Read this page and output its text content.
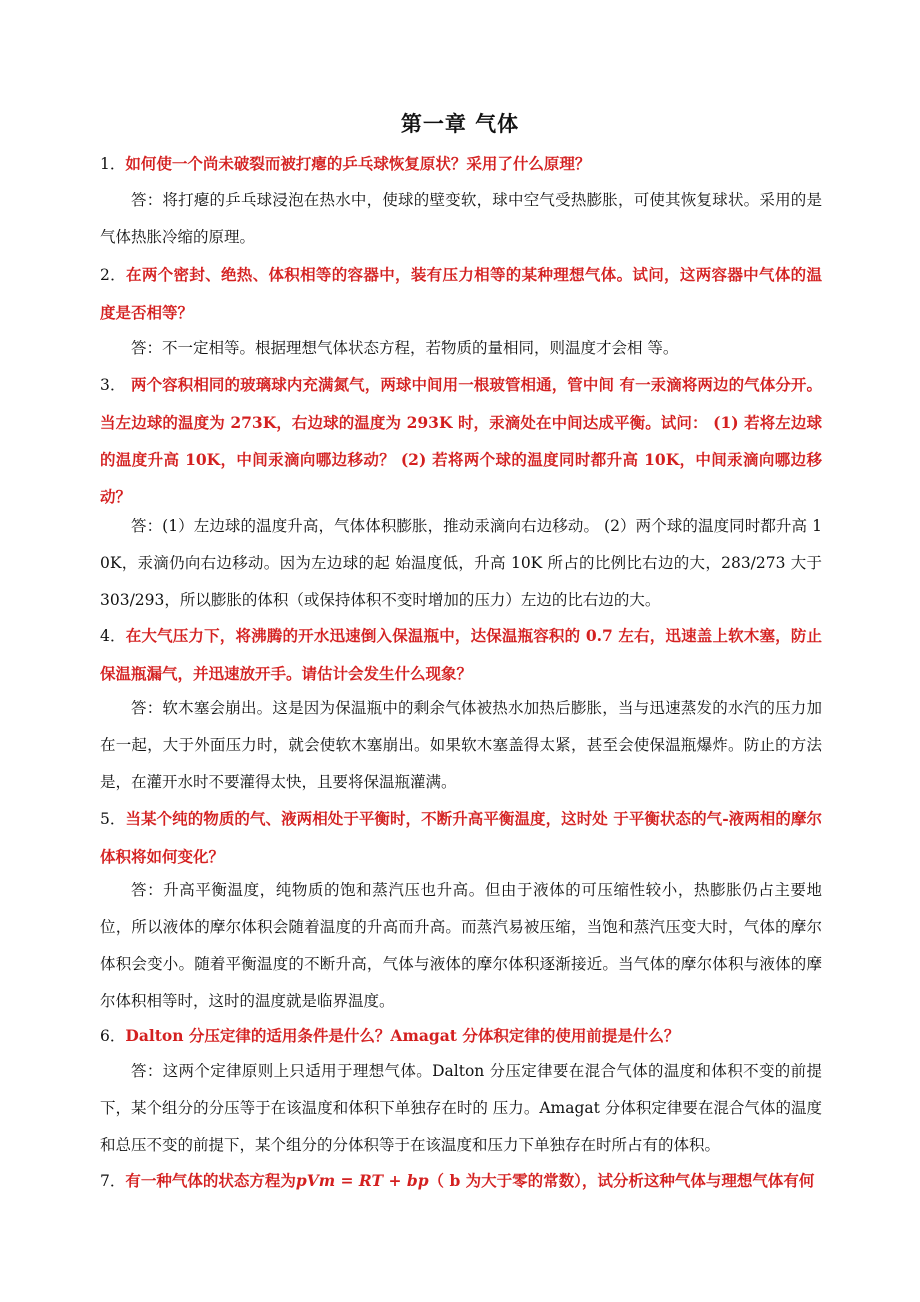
第一章 气体
1．如何使一个尚未破裂而被打瘪的乒乓球恢复原状？采用了什么原理？
答：将打瘪的乒乓球浸泡在热水中，使球的壁变软，球中空气受热膨胀，可使其恢复球状。采用的是气体热胀冷缩的原理。
2．在两个密封、绝热、体积相等的容器中，装有压力相等的某种理想气体。试问，这两容器中气体的温度是否相等？
答：不一定相等。根据理想气体状态方程，若物质的量相同，则温度才会相 等。
3． 两个容积相同的玻璃球内充满氮气，两球中间用一根玻管相通，管中间 有一汞滴将两边的气体分开。当左边球的温度为 273K，右边球的温度为 293K 时，汞滴处在中间达成平衡。试问： (1) 若将左边球的温度升高 10K，中间汞滴向哪边移动？ (2) 若将两个球的温度同时都升高 10K，中间汞滴向哪边移动？
答：(1）左边球的温度升高，气体体积膨胀，推动汞滴向右边移动。 (2）两个球的温度同时都升高 10K，汞滴仍向右边移动。因为左边球的起 始温度低，升高 10K 所占的比例比右边的大，283/273 大于 303/293，所以膨胀的体积（或保持体积不变时增加的压力）左边的比右边的大。
4．在大气压力下，将沸腾的开水迅速倒入保温瓶中，达保温瓶容积的 0.7 左右，迅速盖上软木塞，防止保温瓶漏气，并迅速放开手。请估计会发生什么现象？
答：软木塞会崩出。这是因为保温瓶中的剩余气体被热水加热后膨胀，当与迅速蒸发的水汽的压力加在一起，大于外面压力时，就会使软木塞崩出。如果软木塞盖得太紧，甚至会使保温瓶爆炸。防止的方法是，在灌开水时不要灌得太快，且要将保温瓶灌满。
5．当某个纯的物质的气、液两相处于平衡时，不断升高平衡温度，这时处 于平衡状态的气-液两相的摩尔体积将如何变化？
答：升高平衡温度，纯物质的饱和蒸汽压也升高。但由于液体的可压缩性较小，热膨胀仍占主要地位，所以液体的摩尔体积会随着温度的升高而升高。而蒸汽易被压缩，当饱和蒸汽压变大时，气体的摩尔体积会变小。随着平衡温度的不断升高，气体与液体的摩尔体积逐渐接近。当气体的摩尔体积与液体的摩尔体积相等时，这时的温度就是临界温度。
6．Dalton 分压定律的适用条件是什么？Amagat 分体积定律的使用前提是什么？
答：这两个定律原则上只适用于理想气体。Dalton 分压定律要在混合气体的温度和体积不变的前提下，某个组分的分压等于在该温度和体积下单独存在时的 压力。Amagat 分体积定律要在混合气体的温度和总压不变的前提下，某个组分的分体积等于在该温度和压力下单独存在时所占有的体积。
7．有一种气体的状态方程为pVm = RT + bp（ b 为大于零的常数），试分析这种气体与理想气体有何
